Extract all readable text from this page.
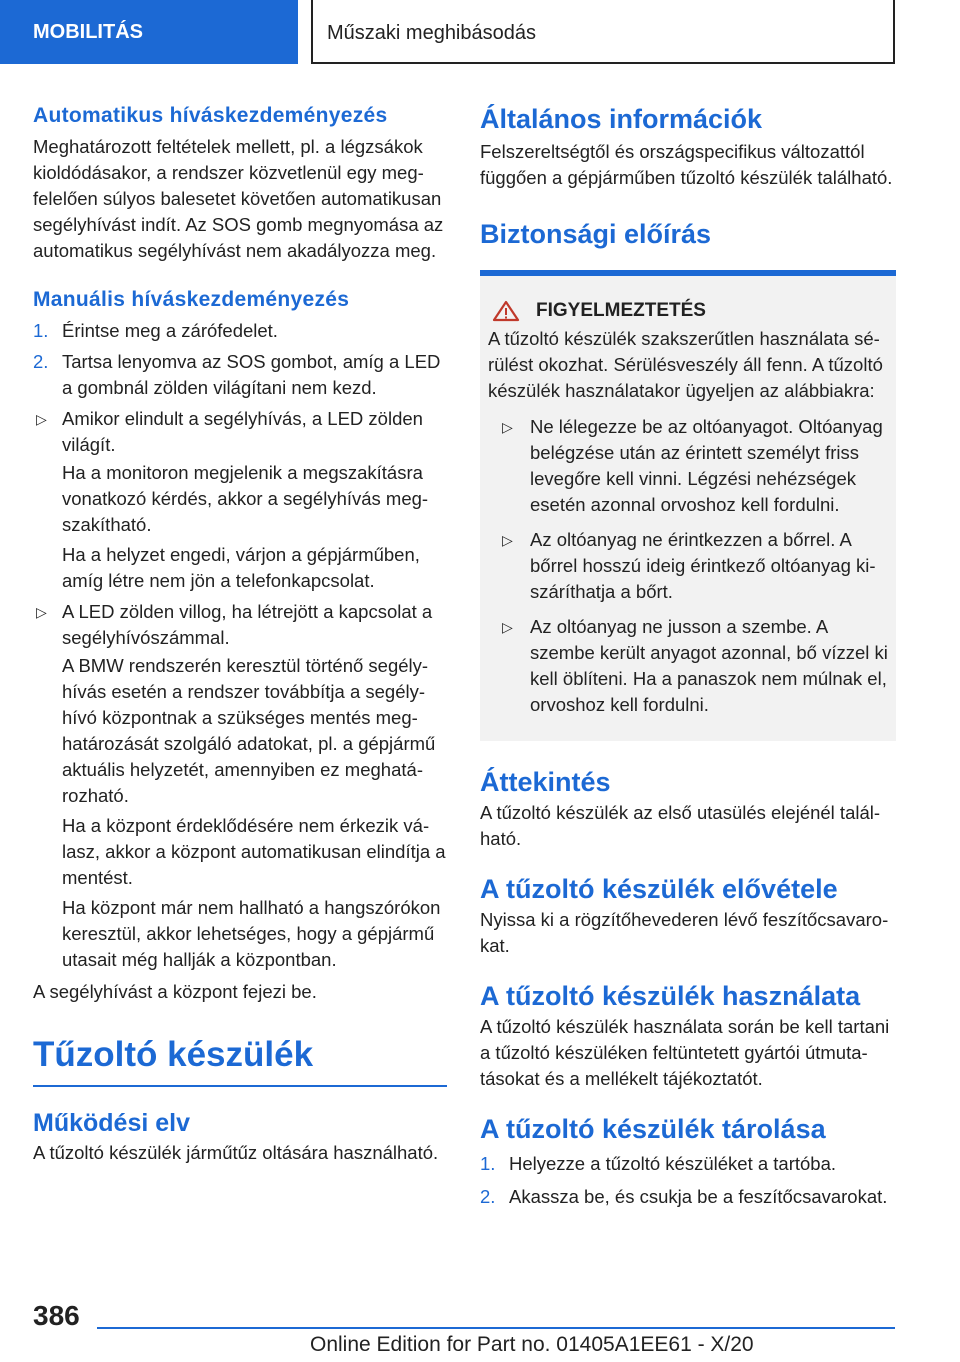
MOBILITÁS	Műszaki meghibásodás
Automatikus híváskezdeményezés

Meghatározott feltételek mellett, pl. a légzsákok kioldódásakor, a rendszer közvetlenül egy megfelelően súlyos balesetet követően automatikusan segélyhívást indít. Az SOS gomb megnyomása az automatikus segélyhívást nem akadályozza meg.

Manuális híváskezdeményezés
1. Érintse meg a zárófedelet.
2. Tartsa lenyomva az SOS gombot, amíg a LED a gombnál zölden világítani nem kezd.
▷ Amikor elindult a segélyhívás, a LED zölden világít.

Ha a monitoron megjelenik a megszakításra vonatkozó kérdés, akkor a segélyhívás megszakítható.

Ha a helyzet engedi, várjon a gépjárműben, amíg létre nem jön a telefonkapcsolat.

▷ A LED zölden villog, ha létrejött a kapcsolat a segélyhívószámmal.

A BMW rendszerén keresztül történő segélyhívás esetén a rendszer továbbítja a segélyhívó központnak a szükséges mentés meghatározását szolgáló adatokat, pl. a gépjármű aktuális helyzetét, amennyiben ez meghatározható.

Ha a központ érdeklődésére nem érkezik válasz, akkor a központ automatikusan elindítja a mentést.

Ha központ már nem hallható a hangszórókon keresztül, akkor lehetséges, hogy a gépjármű utasait még hallják a központban.

A segélyhívást a központ fejezi be.

Tűzoltó készülék
Működési elv

A tűzoltó készülék járműtűz oltására használható.

Általános információk

Felszereltségtől és országspecifikus változattól függően a gépjárműben tűzoltó készülék található.

Biztonsági előírás
FIGYELMEZTETÉS

A tűzoltó készülék szakszerűtlen használata sérülést okozhat. Sérülésveszély áll fenn. A tűzoltó készülék használatakor ügyeljen az alábbiakra:

▷ Ne lélegezze be az oltóanyagot. Oltóanyag belégzése után az érintett személyt friss levegőre kell vinni. Légzési nehézségek esetén azonnal orvoshoz kell fordulni.
▷ Az oltóanyag ne érintkezzen a bőrrel. A bőrrel hosszú ideig érintkező oltóanyag kiszáríthatja a bőrt.
▷ Az oltóanyag ne jusson a szembe. A szembe került anyagot azonnal, bő vízzel ki kell öblíteni. Ha a panaszok nem múlnak el, orvoshoz kell fordulni.
Áttekintés

A tűzoltó készülék az első utasülés elejénél található.

A tűzoltó készülék elővétele

Nyissa ki a rögzítőhevederen lévő feszítőcsavarokat.

A tűzoltó készülék használata

A tűzoltó készülék használata során be kell tartani a tűzoltó készüléken feltüntetett gyártói útmutatásokat és a mellékelt tájékoztatót.

A tűzoltó készülék tárolása
1. Helyezze a tűzoltó készüléket a tartóba.
2. Akassza be, és csukja be a feszítőcsavarokat.
386
Online Edition for Part no. 01405A1EE61 - X/20
